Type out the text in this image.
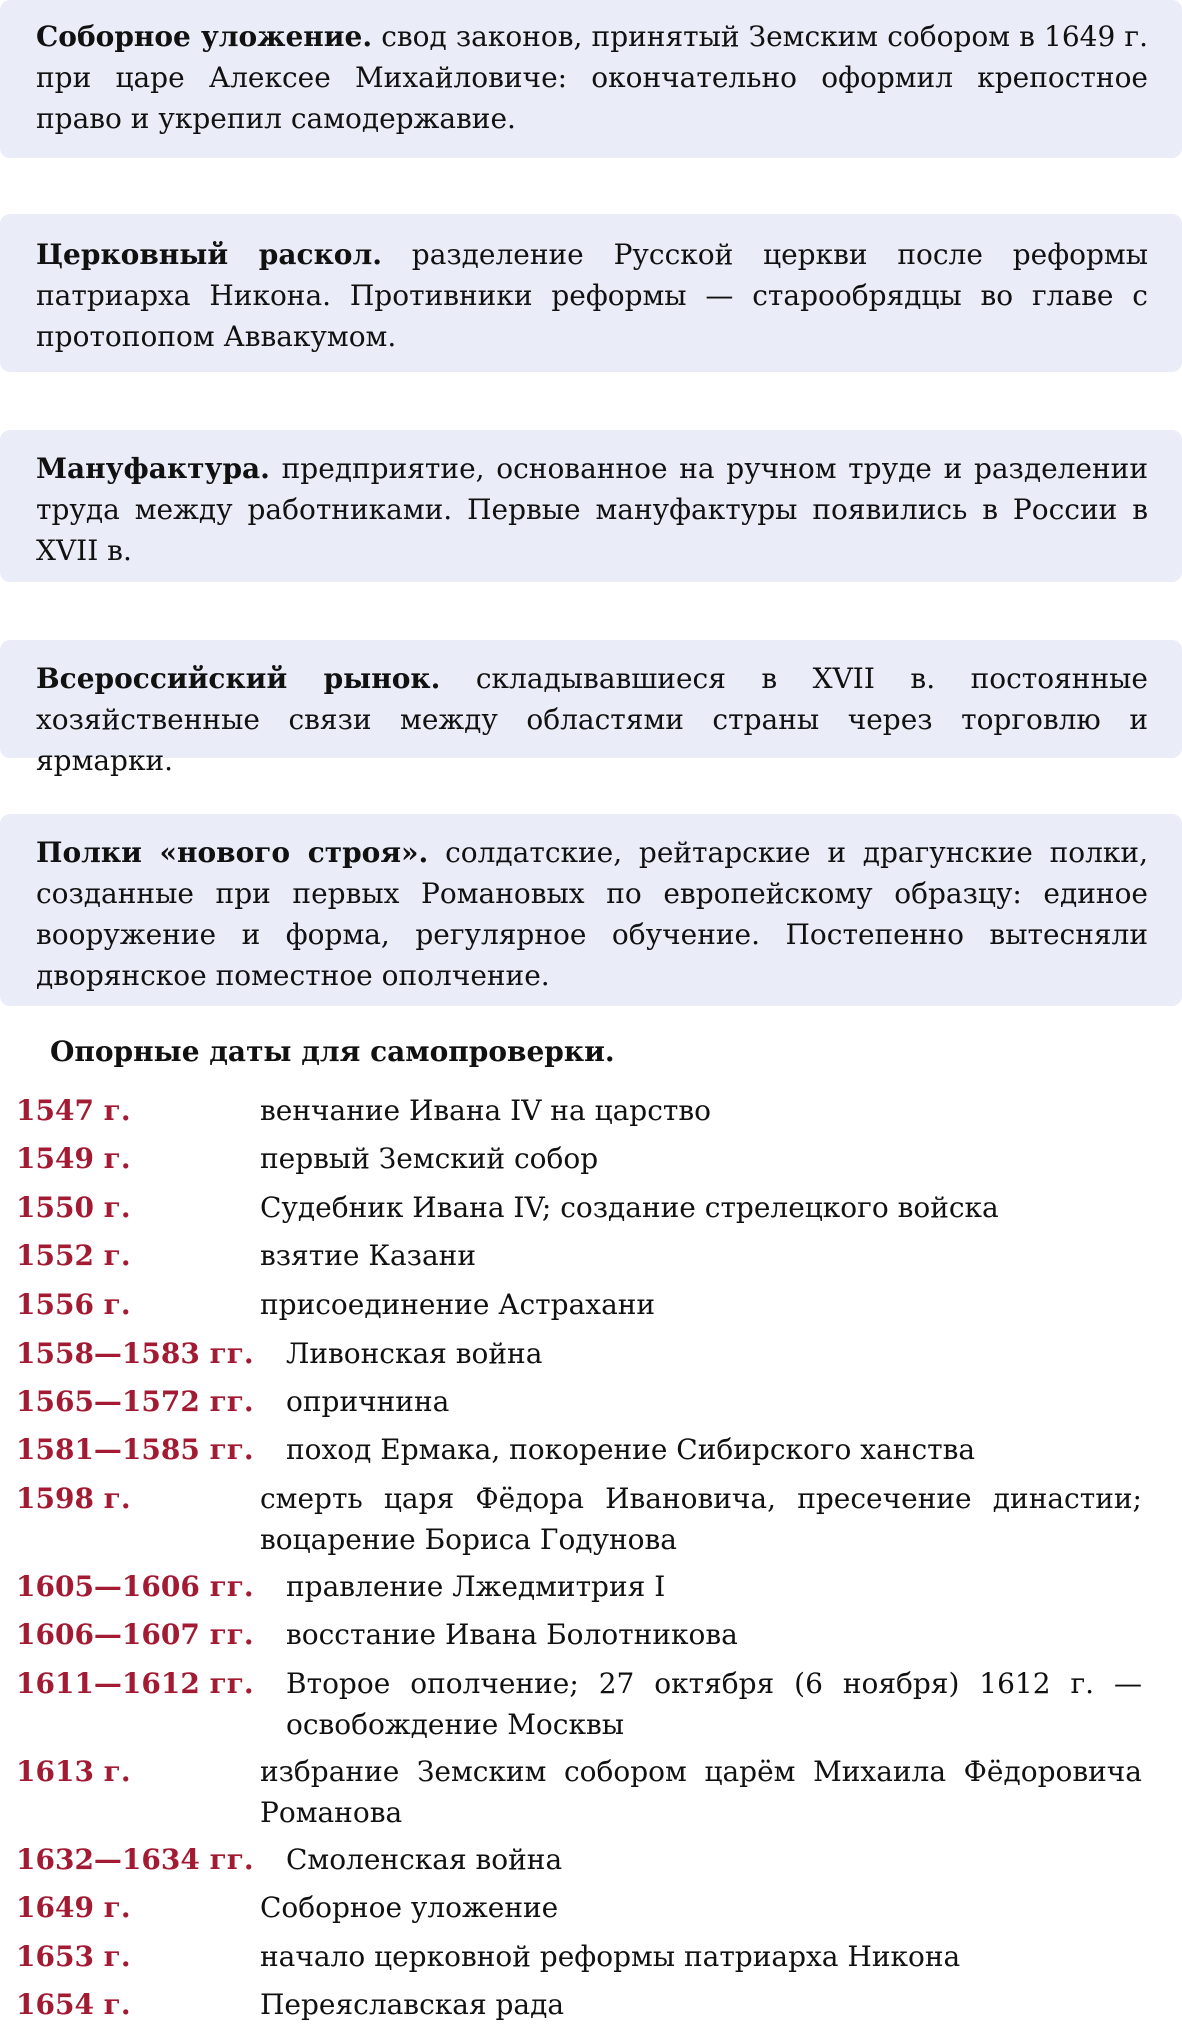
Соборное уложение. свод законов, принятый Земским собором в 1649 г. при царе Алексее Михайловиче: окончательно оформил крепостное право и укрепил самодержавие.
Церковный раскол. разделение Русской церкви после реформы патриарха Никона. Противники реформы — старообрядцы во главе с протопопом Аввакумом.
Мануфактура. предприятие, основанное на ручном труде и разделении труда между работниками. Первые мануфактуры появились в России в XVII в.
Всероссийский рынок. складывавшиеся в XVII в. постоянные хозяйственные связи между областями страны через торговлю и ярмарки.
Полки «нового строя». солдатские, рейтарские и драгунские полки, созданные при первых Романовых по европейскому образцу: единое вооружение и форма, регулярное обучение. Постепенно вытесняли дворянское поместное ополчение.
Опорные даты для самопроверки.
1547 г.	венчание Ивана IV на царство
1549 г.	первый Земский собор
1550 г.	Судебник Ивана IV; создание стрелецкого войска
1552 г.	взятие Казани
1556 г.	присоединение Астрахани
1558—1583 гг. Ливонская война
1565—1572 гг. опричнина
1581—1585 гг. поход Ермака, покорение Сибирского ханства
1598 г.	смерть царя Фёдора Ивановича, пресечение династии; воцарение Бориса Годунова
1605—1606 гг. правление Лжедмитрия I
1606—1607 гг. восстание Ивана Болотникова
1611—1612 гг. Второе ополчение; 27 октября (6 ноября) 1612 г. — освобождение Москвы
1613 г.	избрание Земским собором царём Михаила Фёдоровича Романова
1632—1634 гг. Смоленская война
1649 г.	Соборное уложение
1653 г.	начало церковной реформы патриарха Никона
1654 г.	Переяславская рада
